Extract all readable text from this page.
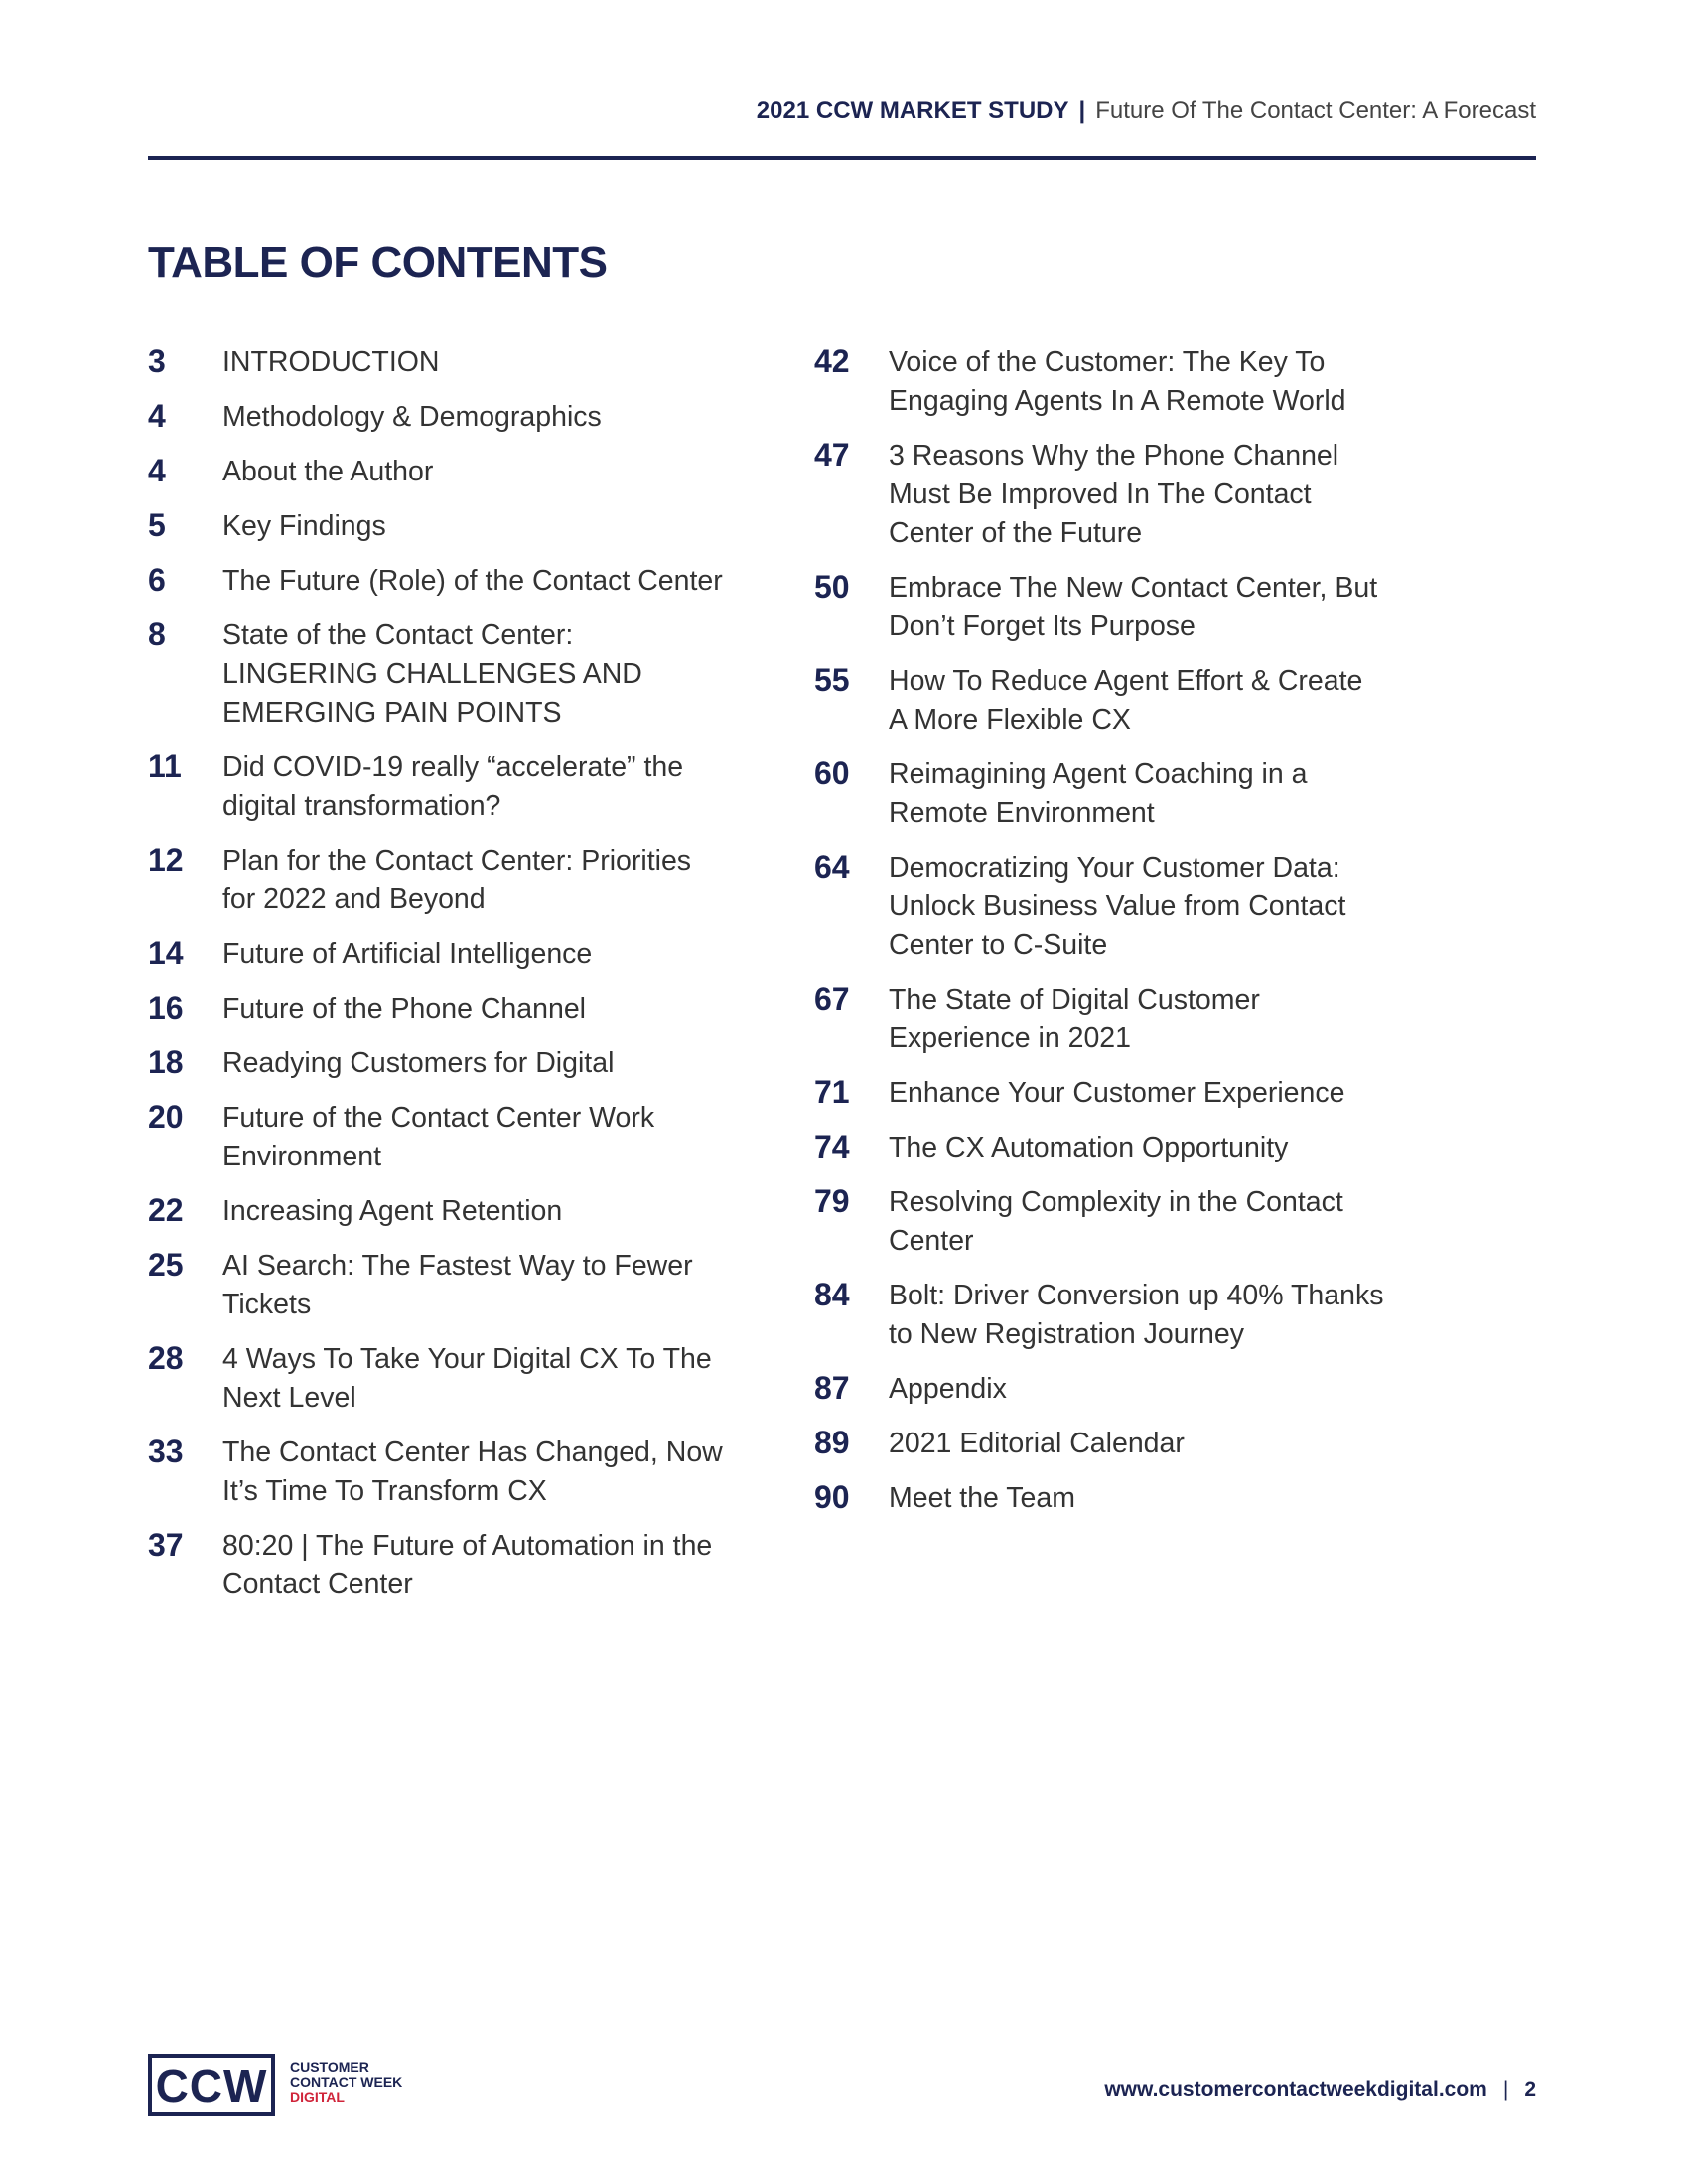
2021 CCW MARKET STUDY | Future Of The Contact Center: A Forecast
TABLE OF CONTENTS
3	INTRODUCTION
4	Methodology & Demographics
4	About the Author
5	Key Findings
6	The Future (Role) of the Contact Center
8	State of the Contact Center:
LINGERING CHALLENGES AND
EMERGING PAIN POINTS
11	Did COVID-19 really “accelerate” the
digital transformation?
12	Plan for the Contact Center: Priorities
for 2022 and Beyond
14	Future of Artificial Intelligence
16	Future of the Phone Channel
18	Readying Customers for Digital
20	Future of the Contact Center Work
Environment
22	Increasing Agent Retention
25	AI Search: The Fastest Way to Fewer
Tickets
28	4 Ways To Take Your Digital CX To The
Next Level
33	The Contact Center Has Changed, Now
It’s Time To Transform CX
37	80:20 | The Future of Automation in the
Contact Center
42	Voice of the Customer: The Key To
Engaging Agents In A Remote World
47	3 Reasons Why the Phone Channel
Must Be Improved In The Contact
Center of the Future
50	Embrace The New Contact Center, But
Don’t Forget Its Purpose
55	How To Reduce Agent Effort & Create
A More Flexible CX
60	Reimagining Agent Coaching in a
Remote Environment
64	Democratizing Your Customer Data:
Unlock Business Value from Contact
Center to C-Suite
67	The State of Digital Customer
Experience in 2021
71	Enhance Your Customer Experience
74	The CX Automation Opportunity
79	Resolving Complexity in the Contact
Center
84	Bolt: Driver Conversion up 40% Thanks
to New Registration Journey
87	Appendix
89	2021 Editorial Calendar
90	Meet the Team
CCW	CUSTOMER
CONTACT WEEK
DIGITAL	www.customercontactweekdigital.com | 2
